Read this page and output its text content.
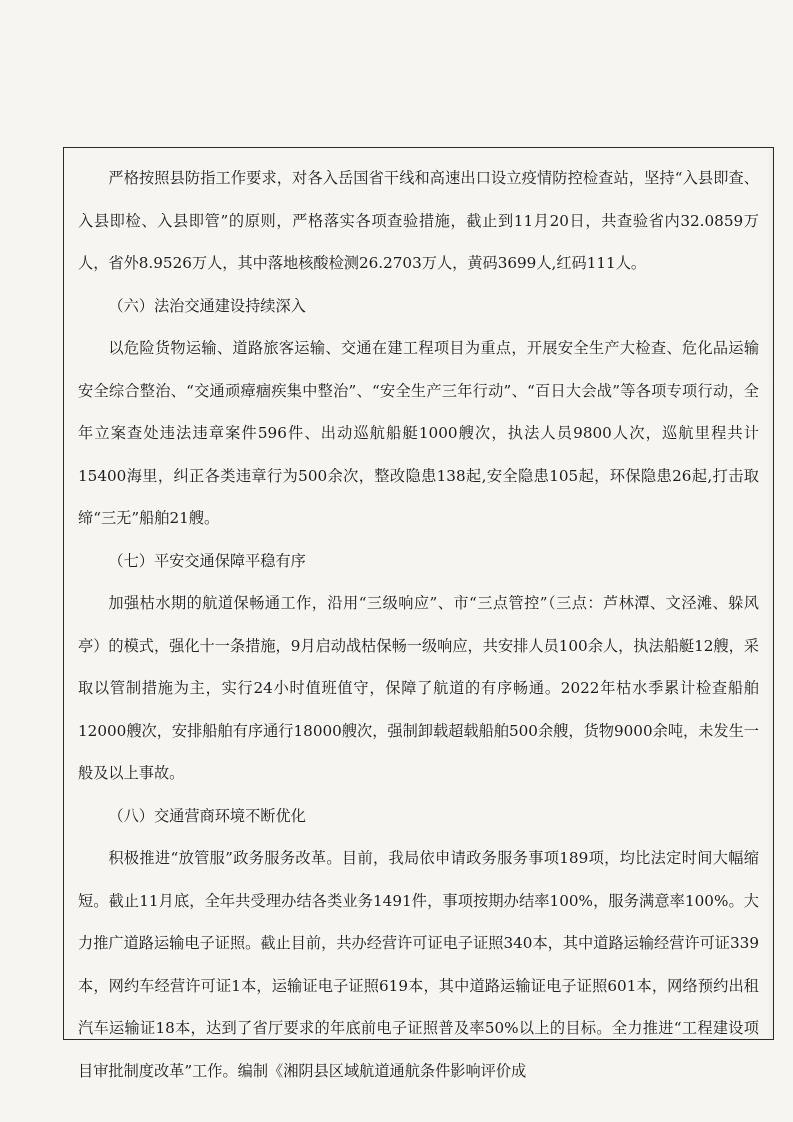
严格按照县防指工作要求，对各入岳国省干线和高速出口设立疫情防控检查站，坚持“入县即查、入县即检、入县即管”的原则，严格落实各项查验措施，截止到11月20日，共查验省内32.0859万人，省外8.9526万人，其中落地核酸检测26.2703万人，黄码3699人,红码111人。

（六）法治交通建设持续深入

以危险货物运输、道路旅客运输、交通在建工程项目为重点，开展安全生产大检查、危化品运输安全综合整治、“交通顽瘴痼疾集中整治”、“安全生产三年行动”、“百日大会战”等各项专项行动，全年立案查处违法违章案件596件、出动巡航船艇1000艘次，执法人员9800人次，巡航里程共计15400海里，纠正各类违章行为500余次，整改隐患138起,安全隐患105起，环保隐患26起,打击取缔“三无”船舶21艘。

（七）平安交通保障平稳有序

加强枯水期的航道保畅通工作，沿用“三级响应”、市“三点管控”（三点：芦林潭、文泾滩、躲风亭）的模式，强化十一条措施，9月启动战枯保畅一级响应，共安排人员100余人，执法船艇12艘，采取以管制措施为主，实行24小时值班值守，保障了航道的有序畅通。2022年枯水季累计检查船舶12000艘次，安排船舶有序通行18000艘次，强制卸载超载船舶500余艘，货物9000余吨，未发生一般及以上事故。

（八）交通营商环境不断优化

积极推进“放管服”政务服务改革。目前，我局依申请政务服务事项189项，均比法定时间大幅缩短。截止11月底，全年共受理办结各类业务1491件，事项按期办结率100%，服务满意率100%。大力推广道路运输电子证照。截止目前，共办经营许可证电子证照340本，其中道路运输经营许可证339本，网约车经营许可证1本，运输证电子证照619本，其中道路运输证电子证照601本，网络预约出租汽车运输证18本，达到了省厅要求的年底前电子证照普及率50%以上的目标。全力推进“工程建设项目审批制度改革”工作。编制《湘阴县区域航道通航条件影响评价成
